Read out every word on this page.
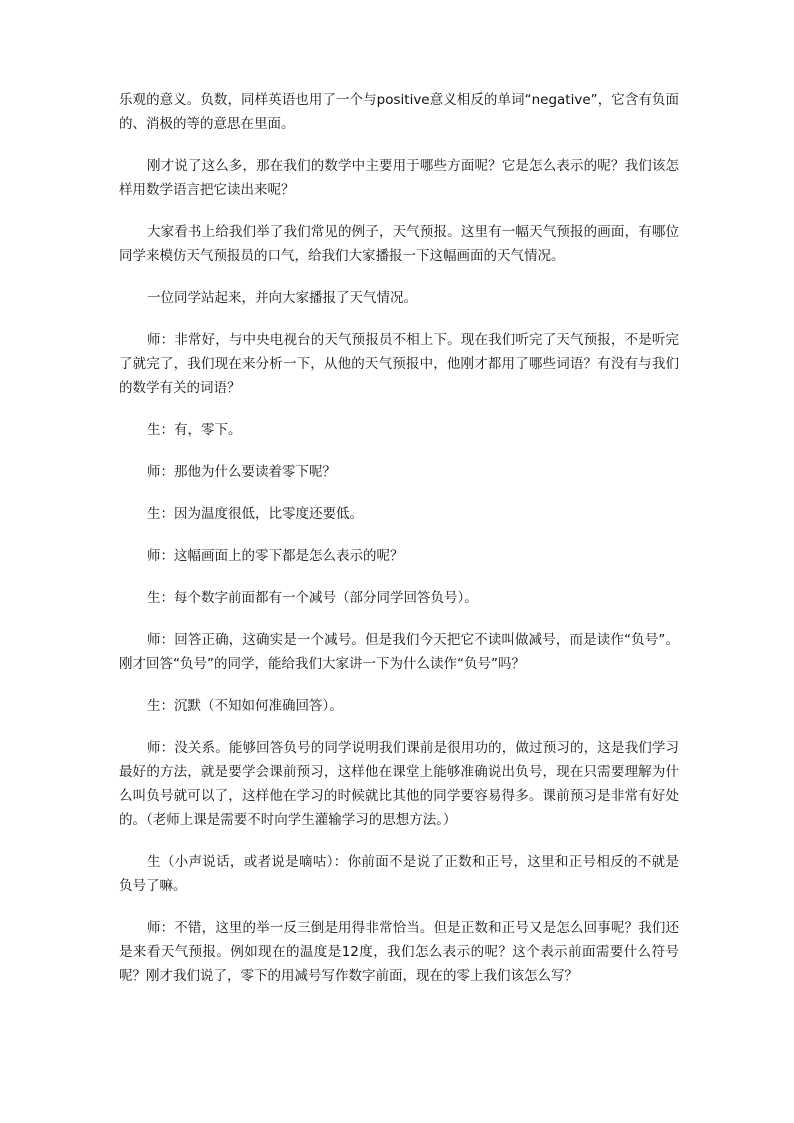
乐观的意义。负数，同样英语也用了一个与positive意义相反的单词“negative”，它含有负面的、消极的等的意思在里面。

刚才说了这么多，那在我们的数学中主要用于哪些方面呢？它是怎么表示的呢？我们该怎样用数学语言把它读出来呢？

大家看书上给我们举了我们常见的例子，天气预报。这里有一幅天气预报的画面，有哪位同学来模仿天气预报员的口气，给我们大家播报一下这幅画面的天气情况。

一位同学站起来，并向大家播报了天气情况。

师：非常好，与中央电视台的天气预报员不相上下。现在我们听完了天气预报，不是听完了就完了，我们现在来分析一下，从他的天气预报中，他刚才都用了哪些词语？有没有与我们的数学有关的词语？

生：有，零下。

师：那他为什么要读着零下呢？

生：因为温度很低，比零度还要低。

师：这幅画面上的零下都是怎么表示的呢？

生：每个数字前面都有一个减号（部分同学回答负号）。

师：回答正确，这确实是一个减号。但是我们今天把它不读叫做减号，而是读作“负号”。刚才回答“负号”的同学，能给我们大家讲一下为什么读作“负号”吗？

生：沉默（不知如何准确回答）。

师：没关系。能够回答负号的同学说明我们课前是很用功的，做过预习的，这是我们学习最好的方法，就是要学会课前预习，这样他在课堂上能够准确说出负号，现在只需要理解为什么叫负号就可以了，这样他在学习的时候就比其他的同学要容易得多。课前预习是非常有好处的。（老师上课是需要不时向学生灌输学习的思想方法。）

生（小声说话，或者说是嘀咕）：你前面不是说了正数和正号，这里和正号相反的不就是负号了嘛。

师：不错，这里的举一反三倒是用得非常恰当。但是正数和正号又是怎么回事呢？我们还是来看天气预报。例如现在的温度是12度，我们怎么表示的呢？这个表示前面需要什么符号呢？刚才我们说了，零下的用减号写作数字前面，现在的零上我们该怎么写？
